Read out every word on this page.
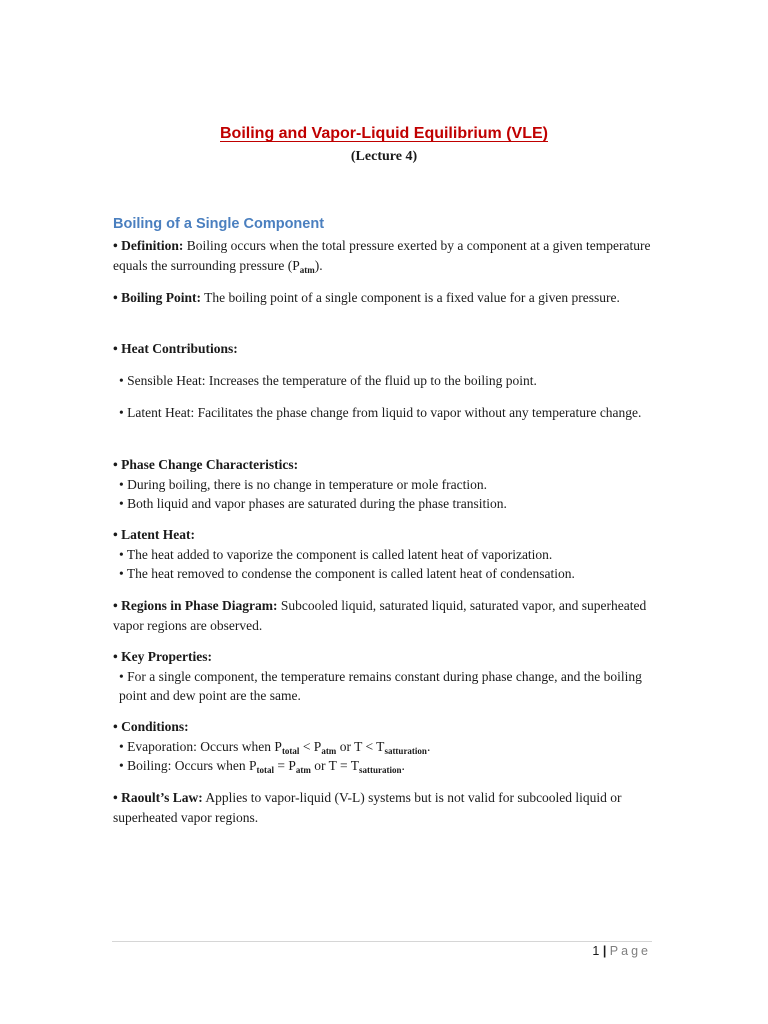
Boiling and Vapor-Liquid Equilibrium (VLE)
(Lecture 4)
Boiling of a Single Component
• Definition: Boiling occurs when the total pressure exerted by a component at a given temperature equals the surrounding pressure $(P_{atm})$.
• Boiling Point: The boiling point of a single component is a fixed value for a given pressure.
• Heat Contributions:
• Sensible Heat: Increases the temperature of the fluid up to the boiling point.
• Latent Heat: Facilitates the phase change from liquid to vapor without any temperature change.
• Phase Change Characteristics:
• During boiling, there is no change in temperature or mole fraction.
• Both liquid and vapor phases are saturated during the phase transition.
• Latent Heat:
• The heat added to vaporize the component is called latent heat of vaporization.
• The heat removed to condense the component is called latent heat of condensation.
• Regions in Phase Diagram: Subcooled liquid, saturated liquid, saturated vapor, and superheated vapor regions are observed.
• Key Properties:
• For a single component, the temperature remains constant during phase change, and the boiling point and dew point are the same.
• Conditions:
• Evaporation: Occurs when $P_{total} < P_{atm}$ or $T < T_{satturation}$.
• Boiling: Occurs when $P_{total} = P_{atm}$ or $T = T_{satturation}$.
• Raoult’s Law: Applies to vapor-liquid (V-L) systems but is not valid for subcooled liquid or superheated vapor regions.
1 | Page
